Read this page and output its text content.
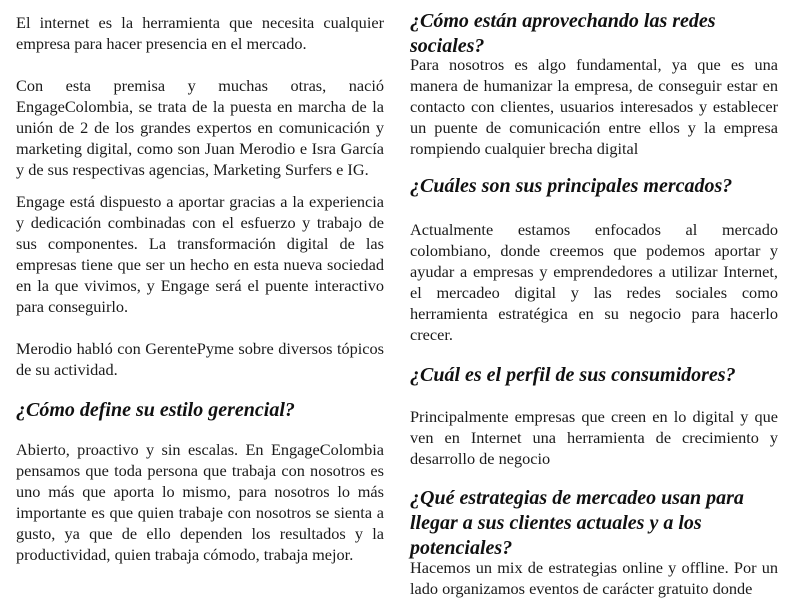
El internet es la herramienta que necesita cualquier empresa para hacer presencia en el mercado.

Con esta premisa y muchas otras, nació EngageColombia, se trata de la puesta en marcha de la unión de 2 de los grandes expertos en comunicación y marketing digital, como son Juan Merodio e Isra García y de sus respectivas agencias, Marketing Surfers e IG.

Engage está dispuesto a aportar gracias a la experiencia y dedicación combinadas con el esfuerzo y trabajo de sus componentes. La transformación digital de las empresas tiene que ser un hecho en esta nueva sociedad en la que vivimos, y Engage será el puente interactivo para conseguirlo.

Merodio habló con GerentePyme sobre diversos tópicos de su actividad.

¿Cómo define su estilo gerencial?

Abierto, proactivo y sin escalas. En EngageColombia pensamos que toda persona que trabaja con nosotros es uno más que aporta lo mismo, para nosotros lo más importante es que quien trabaje con nosotros se sienta a gusto, ya que de ello dependen los resultados y la productividad, quien trabaja cómodo, trabaja mejor.

¿Cómo están aprovechando las redes sociales?

Para nosotros es algo fundamental, ya que es una manera de humanizar la empresa, de conseguir estar en contacto con clientes, usuarios interesados y establecer un puente de comunicación entre ellos y la empresa rompiendo cualquier brecha digital

¿Cuáles son sus principales mercados?

Actualmente estamos enfocados al mercado colombiano, donde creemos que podemos aportar y ayudar a empresas y emprendedores a utilizar Internet, el mercadeo digital y las redes sociales como herramienta estratégica en su negocio para hacerlo crecer.

¿Cuál es el perfil de sus consumidores?

Principalmente empresas que creen en lo digital y que ven en Internet una herramienta de crecimiento y desarrollo de negocio

¿Qué estrategias de mercadeo usan para llegar a sus clientes actuales y a los potenciales?

Hacemos un mix de estrategias online y offline. Por un lado organizamos eventos de carácter gratuito donde
